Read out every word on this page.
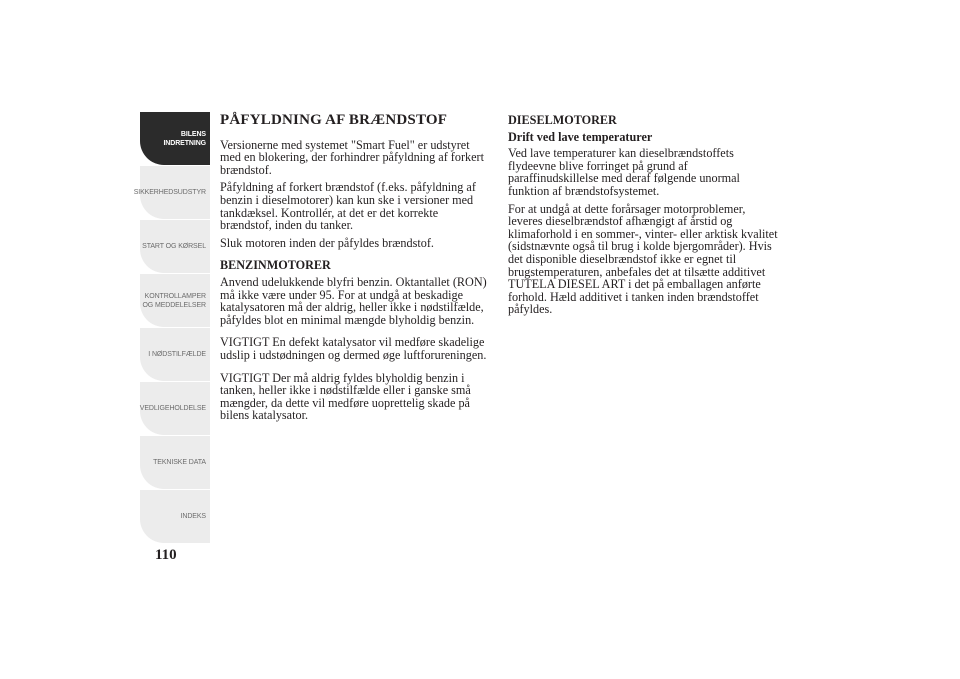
BILENS INDRETNING
SIKKERHEDSUDSTYR
START OG KØRSEL
KONTROLLAMPER OG MEDDELELSER
I NØDSTILFÆLDE
VEDLIGEHOLDELSE
TEKNISKE DATA
INDEKS
110
PÅFYLDNING AF BRÆNDSTOF

Versionerne med systemet "Smart Fuel" er udstyret med en blokering, der forhindrer påfyldning af forkert brændstof.

Påfyldning af forkert brændstof (f.eks. påfyldning af benzin i dieselmotorer) kan kun ske i versioner med tankdæksel. Kontrollér, at det er det korrekte brændstof, inden du tanker.

Sluk motoren inden der påfyldes brændstof.

BENZINMOTORER

Anvend udelukkende blyfri benzin. Oktantallet (RON) må ikke være under 95. For at undgå at beskadige katalysatoren må der aldrig, heller ikke i nødstilfælde, påfyldes blot en minimal mængde blyholdig benzin.

VIGTIGT En defekt katalysator vil medføre skadelige udslip i udstødningen og dermed øge luftforureningen.

VIGTIGT Der må aldrig fyldes blyholdig benzin i tanken, heller ikke i nødstilfælde eller i ganske små mængder, da dette vil medføre uoprettelig skade på bilens katalysator.

DIESELMOTORER
Drift ved lave temperaturer

Ved lave temperaturer kan dieselbrændstoffets flydeevne blive forringet på grund af paraffinudskillelse med deraf følgende unormal funktion af brændstofsystemet.

For at undgå at dette forårsager motorproblemer, leveres dieselbrændstof afhængigt af årstid og klimaforhold i en sommer-, vinter- eller arktisk kvalitet (sidstnævnte også til brug i kolde bjergområder). Hvis det disponible dieselbrændstof ikke er egnet til brugstemperaturen, anbefales det at tilsætte additivet TUTELA DIESEL ART i det på emballagen anførte forhold. Hæld additivet i tanken inden brændstoffet påfyldes.
